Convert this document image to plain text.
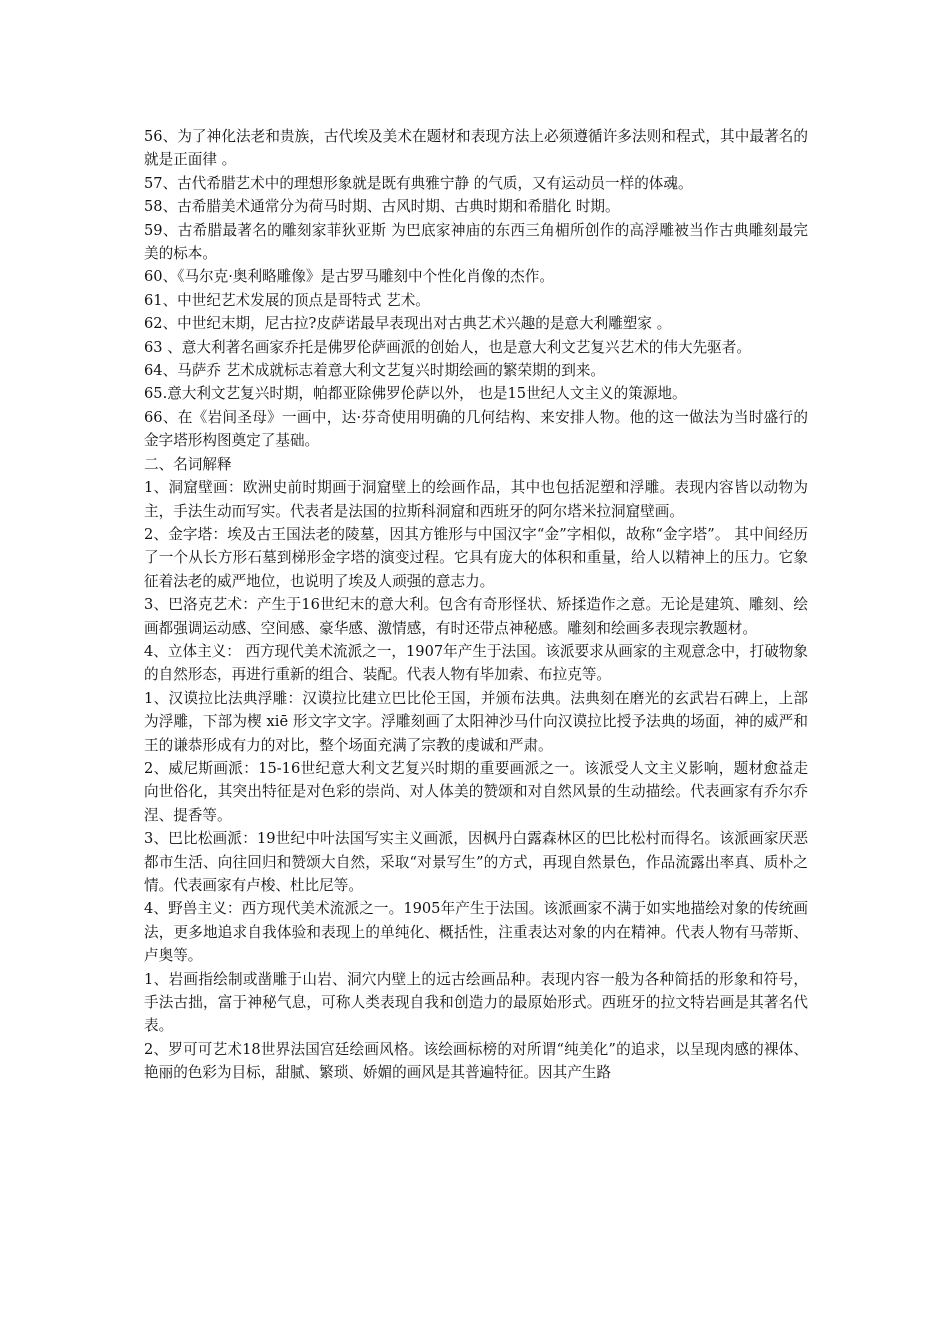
56、为了神化法老和贵族，古代埃及美术在题材和表现方法上必须遵循许多法则和程式，其中最著名的就是正面律 。

57、古代希腊艺术中的理想形象就是既有典雅宁静 的气质，又有运动员一样的体魂。

58、古希腊美术通常分为荷马时期、古风时期、古典时期和希腊化 时期。

59、古希腊最著名的雕刻家菲狄亚斯 为巴底家神庙的东西三角楣所创作的高浮雕被当作古典雕刻最完美的标本。

60、《马尔克·奥利略雕像》是古罗马雕刻中个性化肖像的杰作。

61、中世纪艺术发展的顶点是哥特式 艺术。

62、中世纪末期，尼古拉?皮萨诺最早表现出对古典艺术兴趣的是意大利雕塑家 。

63 、意大利著名画家乔托是佛罗伦萨画派的创始人，也是意大利文艺复兴艺术的伟大先驱者。

64、马萨乔 艺术成就标志着意大利文艺复兴时期绘画的繁荣期的到来。

65.意大利文艺复兴时期，帕都亚除佛罗伦萨以外， 也是15世纪人文主义的策源地。

66、在《岩间圣母》一画中，达·芬奇使用明确的几何结构、来安排人物。他的这一做法为当时盛行的 金字塔形构图奠定了基础。

二、名词解释

1、洞窟壁画：欧洲史前时期画于洞窟壁上的绘画作品，其中也包括泥塑和浮雕。表现内容皆以动物为主，手法生动而写实。代表者是法国的拉斯科洞窟和西班牙的阿尔塔米拉洞窟壁画。

2、金字塔：埃及古王国法老的陵墓，因其方锥形与中国汉字“金”字相似，故称“金字塔”。 其中间经历了一个从长方形石墓到梯形金字塔的演变过程。它具有庞大的体积和重量，给人以精神上的压力。它象征着法老的威严地位，也说明了埃及人顽强的意志力。

3、巴洛克艺术：产生于16世纪末的意大利。包含有奇形怪状、矫揉造作之意。无论是建筑、雕刻、绘画都强调运动感、空间感、豪华感、激情感，有时还带点神秘感。雕刻和绘画多表现宗教题材。

4、立体主义： 西方现代美术流派之一，1907年产生于法国。该派要求从画家的主观意念中，打破物象的自然形态，再进行重新的组合、装配。代表人物有毕加索、布拉克等。

1、汉谟拉比法典浮雕：汉谟拉比建立巴比伦王国，并颁布法典。法典刻在磨光的玄武岩石碑上，上部为浮雕，下部为楔 xiē 形文字文字。浮雕刻画了太阳神沙马什向汉谟拉比授予法典的场面，神的威严和王的谦恭形成有力的对比，整个场面充满了宗教的虔诚和严肃。

2、威尼斯画派：15-16世纪意大利文艺复兴时期的重要画派之一。该派受人文主义影响，题材愈益走向世俗化，其突出特征是对色彩的崇尚、对人体美的赞颂和对自然风景的生动描绘。代表画家有乔尔乔涅、提香等。

3、巴比松画派：19世纪中叶法国写实主义画派，因枫丹白露森林区的巴比松村而得名。该派画家厌恶都市生活、向往回归和赞颂大自然，采取“对景写生”的方式，再现自然景色，作品流露出率真、质朴之情。代表画家有卢梭、杜比尼等。

4、野兽主义：西方现代美术流派之一。1905年产生于法国。该派画家不满于如实地描绘对象的传统画法，更多地追求自我体验和表现上的单纯化、概括性，注重表达对象的内在精神。代表人物有马蒂斯、卢奥等。

1、岩画指绘制或凿雕于山岩、洞穴内壁上的远古绘画品种。表现内容一般为各种简括的形象和符号，手法古拙，富于神秘气息，可称人类表现自我和创造力的最原始形式。西班牙的拉文特岩画是其著名代表。

2、罗可可艺术18世界法国宫廷绘画风格。该绘画标榜的对所谓“纯美化”的追求，以呈现肉感的裸体、艳丽的色彩为目标，甜腻、繁琐、娇媚的画风是其普遍特征。因其产生路
